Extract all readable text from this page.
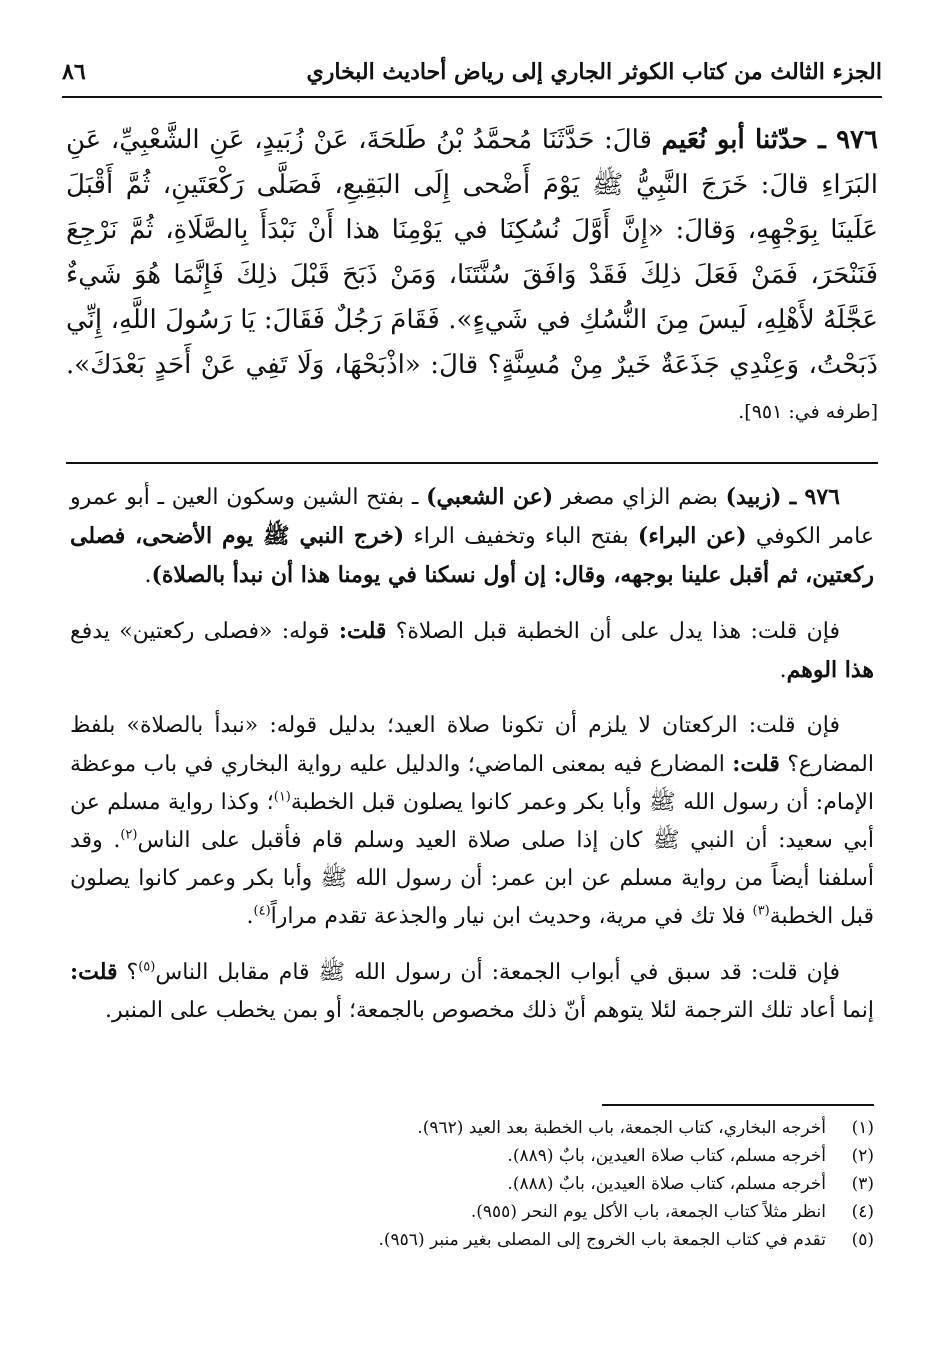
الجزء الثالث من كتاب الكوثر الجاري إلى رياض أحاديث البخاري
٨٦
٩٧٦ ـ حدّثنا أبو نُعَيم قالَ: حَدَّثَنَا مُحمَّدُ بْنُ طَلحَةَ، عَنْ زُبَيدٍ، عَنِ الشَّعْبِيِّ، عَنِ البَرَاءِ قالَ: خَرَجَ النَّبِيُّ ﷺ يَوْمَ أَضْحى إِلَى البَقِيعِ، فَصَلَّى رَكْعَتَينِ، ثُمَّ أَقْبَلَ عَلَينَا بِوَجْهِهِ، وَقالَ: «إِنَّ أَوَّلَ نُسُكِنَا في يَوْمِنَا هذا أَنْ نَبْدَأَ بِالصَّلَاةِ، ثُمَّ نَرْجِعَ فَنَنْحَرَ، فَمَنْ فَعَلَ ذلِكَ فَقَدْ وَافَقَ سُنَّتَنَا، وَمَنْ ذَبَحَ قَبْلَ ذلِكَ فَإِنَّمَا هُوَ شَيءٌ عَجَّلَهُ لأَهْلِهِ، لَيسَ مِنَ النُّسُكِ في شَيءٍ». فَقَامَ رَجُلٌ فَقَالَ: يَا رَسُولَ اللَّهِ، إِنِّي ذَبَحْتُ، وَعِنْدِي جَذَعَةٌ خَيرٌ مِنْ مُسِنَّةٍ؟ قالَ: «اذْبَحْهَا، وَلَا تَفِي عَنْ أَحَدٍ بَعْدَكَ». [طرفه في: ٩٥١].

٩٧٦ ـ (زبيد) بضم الزاي مصغر (عن الشعبي) ـ بفتح الشين وسكون العين ـ أبو عمرو عامر الكوفي (عن البراء) بفتح الباء وتخفيف الراء (خرج النبي ﷺ يوم الأضحى، فصلى ركعتين، ثم أقبل علينا بوجهه، وقال: إن أول نسكنا في يومنا هذا أن نبدأ بالصلاة).

فإن قلت: هذا يدل على أن الخطبة قبل الصلاة؟ قلت: قوله: «فصلى ركعتين» يدفع هذا الوهم.

فإن قلت: الركعتان لا يلزم أن تكونا صلاة العيد؛ بدليل قوله: «نبدأ بالصلاة» بلفظ المضارع؟ قلت: المضارع فيه بمعنى الماضي؛ والدليل عليه رواية البخاري في باب موعظة الإمام: أن رسول الله ﷺ وأبا بكر وعمر كانوا يصلون قبل الخطبة$^{(١)}$؛ وكذا رواية مسلم عن أبي سعيد: أن النبي ﷺ كان إذا صلى صلاة العيد وسلم قام فأقبل على الناس$^{(٢)}$. وقد أسلفنا أيضاً من رواية مسلم عن ابن عمر: أن رسول الله ﷺ وأبا بكر وعمر كانوا يصلون قبل الخطبة$^{(٣)}$ فلا تك في مرية، وحديث ابن نيار والجذعة تقدم مراراً$^{(٤)}$.

فإن قلت: قد سبق في أبواب الجمعة: أن رسول الله ﷺ قام مقابل الناس$^{(٥)}$؟ قلت: إنما أعاد تلك الترجمة لئلا يتوهم أنّ ذلك مخصوص بالجمعة؛ أو بمن يخطب على المنبر.

(١)
أخرجه البخاري، كتاب الجمعة، باب الخطبة بعد العيد (٩٦٢).
(٢)
أخرجه مسلم، كتاب صلاة العيدين، بابٌ (٨٨٩).
(٣)
أخرجه مسلم، كتاب صلاة العيدين، بابٌ (٨٨٨).
(٤)
انظر مثلاً كتاب الجمعة، باب الأكل يوم النحر (٩٥٥).
(٥)
تقدم في كتاب الجمعة باب الخروج إلى المصلى بغير منبر (٩٥٦).
